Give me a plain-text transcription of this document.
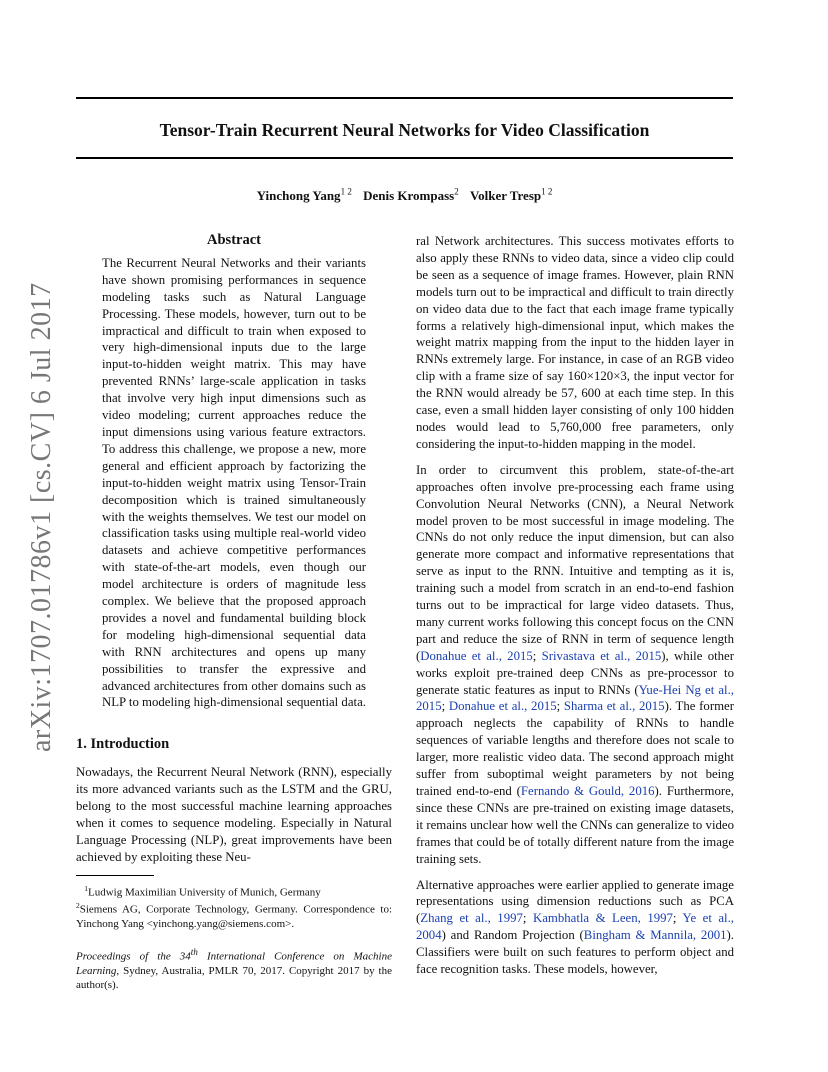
arXiv:1707.01786v1 [cs.CV] 6 Jul 2017
Tensor-Train Recurrent Neural Networks for Video Classification
Yinchong Yang$^{1 2}$ Denis Krompass$^2$ Volker Tresp$^{1 2}$
Abstract

The Recurrent Neural Networks and their variants have shown promising performances in sequence modeling tasks such as Natural Language Processing. These models, however, turn out to be impractical and difficult to train when exposed to very high-dimensional inputs due to the large input-to-hidden weight matrix. This may have prevented RNNs’ large-scale application in tasks that involve very high input dimensions such as video modeling; current approaches reduce the input dimensions using various feature extractors. To address this challenge, we propose a new, more general and efficient approach by factorizing the input-to-hidden weight matrix using Tensor-Train decomposition which is trained simultaneously with the weights themselves. We test our model on classification tasks using multiple real-world video datasets and achieve competitive performances with state-of-the-art models, even though our model architecture is orders of magnitude less complex. We believe that the proposed approach provides a novel and fundamental building block for modeling high-dimensional sequential data with RNN architectures and opens up many possibilities to transfer the expressive and advanced architectures from other domains such as NLP to modeling high-dimensional sequential data.

1. Introduction

Nowadays, the Recurrent Neural Network (RNN), especially its more advanced variants such as the LSTM and the GRU, belong to the most successful machine learning approaches when it comes to sequence modeling. Especially in Natural Language Processing (NLP), great improvements have been achieved by exploiting these Neu-

$^1$Ludwig Maximilian University of Munich, Germany
$^2$Siemens AG, Corporate Technology, Germany. Correspondence to: Yinchong Yang <yinchong.yang@siemens.com>.
Proceedings of the 34th International Conference on Machine Learning, Sydney, Australia, PMLR 70, 2017. Copyright 2017 by the author(s).

ral Network architectures. This success motivates efforts to also apply these RNNs to video data, since a video clip could be seen as a sequence of image frames. However, plain RNN models turn out to be impractical and difficult to train directly on video data due to the fact that each image frame typically forms a relatively high-dimensional input, which makes the weight matrix mapping from the input to the hidden layer in RNNs extremely large. For instance, in case of an RGB video clip with a frame size of say 160×120×3, the input vector for the RNN would already be 57, 600 at each time step. In this case, even a small hidden layer consisting of only 100 hidden nodes would lead to 5,760,000 free parameters, only considering the input-to-hidden mapping in the model.

In order to circumvent this problem, state-of-the-art approaches often involve pre-processing each frame using Convolution Neural Networks (CNN), a Neural Network model proven to be most successful in image modeling. The CNNs do not only reduce the input dimension, but can also generate more compact and informative representations that serve as input to the RNN. Intuitive and tempting as it is, training such a model from scratch in an end-to-end fashion turns out to be impractical for large video datasets. Thus, many current works following this concept focus on the CNN part and reduce the size of RNN in term of sequence length (Donahue et al., 2015; Srivastava et al., 2015), while other works exploit pre-trained deep CNNs as pre-processor to generate static features as input to RNNs (Yue-Hei Ng et al., 2015; Donahue et al., 2015; Sharma et al., 2015). The former approach neglects the capability of RNNs to handle sequences of variable lengths and therefore does not scale to larger, more realistic video data. The second approach might suffer from suboptimal weight parameters by not being trained end-to-end (Fernando & Gould, 2016). Furthermore, since these CNNs are pre-trained on existing image datasets, it remains unclear how well the CNNs can generalize to video frames that could be of totally different nature from the image training sets.

Alternative approaches were earlier applied to generate image representations using dimension reductions such as PCA (Zhang et al., 1997; Kambhatla & Leen, 1997; Ye et al., 2004) and Random Projection (Bingham & Mannila, 2001). Classifiers were built on such features to perform object and face recognition tasks. These models, however,
